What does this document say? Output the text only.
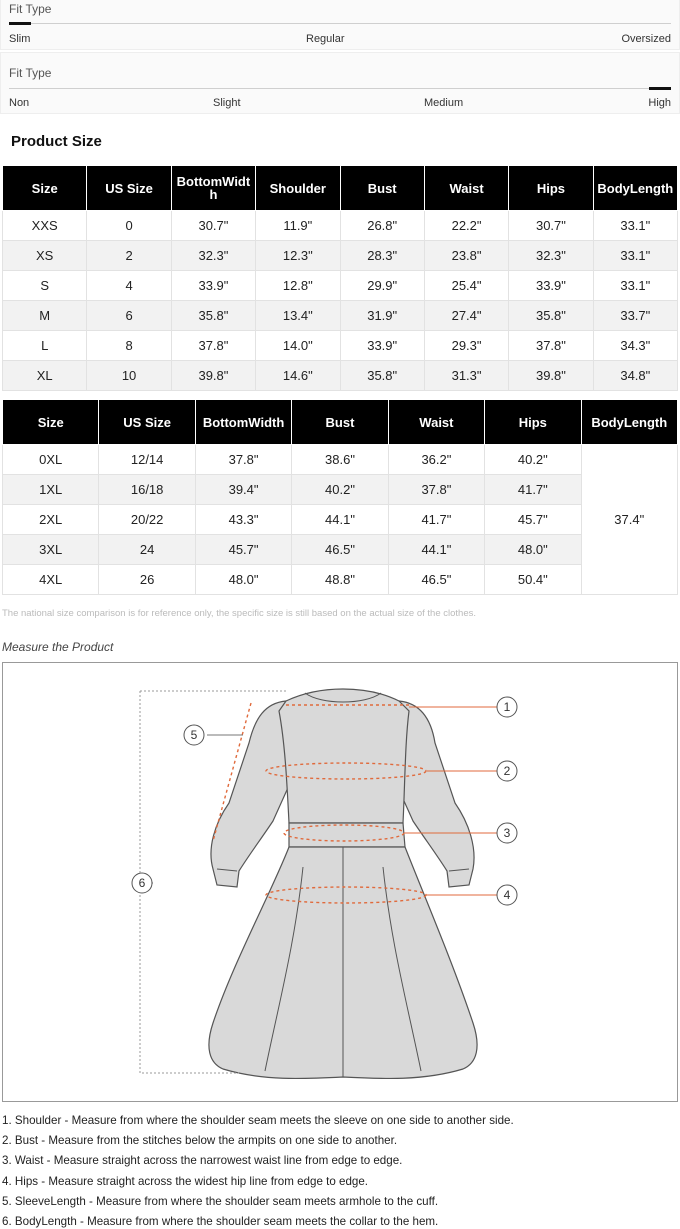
Fit Type
Slim	Regular	Oversized
Fit Type
Non	Slight	Medium	High
Product Size
Size	US Size	BottomWidth	Shoulder	Bust	Waist	Hips	BodyLength

XXS	0	30.7"	11.9"	26.8"	22.2"	30.7"	33.1"
XS	2	32.3"	12.3"	28.3"	23.8"	32.3"	33.1"
S	4	33.9"	12.8"	29.9"	25.4"	33.9"	33.1"
M	6	35.8"	13.4"	31.9"	27.4"	35.8"	33.7"
L	8	37.8"	14.0"	33.9"	29.3"	37.8"	34.3"
XL	10	39.8"	14.6"	35.8"	31.3"	39.8"	34.8"
Size	US Size	BottomWidth	Bust	Waist	Hips	BodyLength

0XL	12/14	37.8"	38.6"	36.2"	40.2"	37.4"
1XL	16/18	39.4"	40.2"	37.8"	41.7"	
2XL	20/22	43.3"	44.1"	41.7"	45.7"	
3XL	24	45.7"	46.5"	44.1"	48.0"	
4XL	26	48.0"	48.8"	46.5"	50.4"	
The national size comparison is for reference only, the specific size is still based on the actual size of the clothes.
Measure the Product
1
2
3
4
5
6
1. Shoulder - Measure from where the shoulder seam meets the sleeve on one side to another side.
2. Bust - Measure from the stitches below the armpits on one side to another.
3. Waist - Measure straight across the narrowest waist line from edge to edge.
4. Hips - Measure straight across the widest hip line from edge to edge.
5. SleeveLength - Measure from where the shoulder seam meets armhole to the cuff.
6. BodyLength - Measure from where the shoulder seam meets the collar to the hem.
